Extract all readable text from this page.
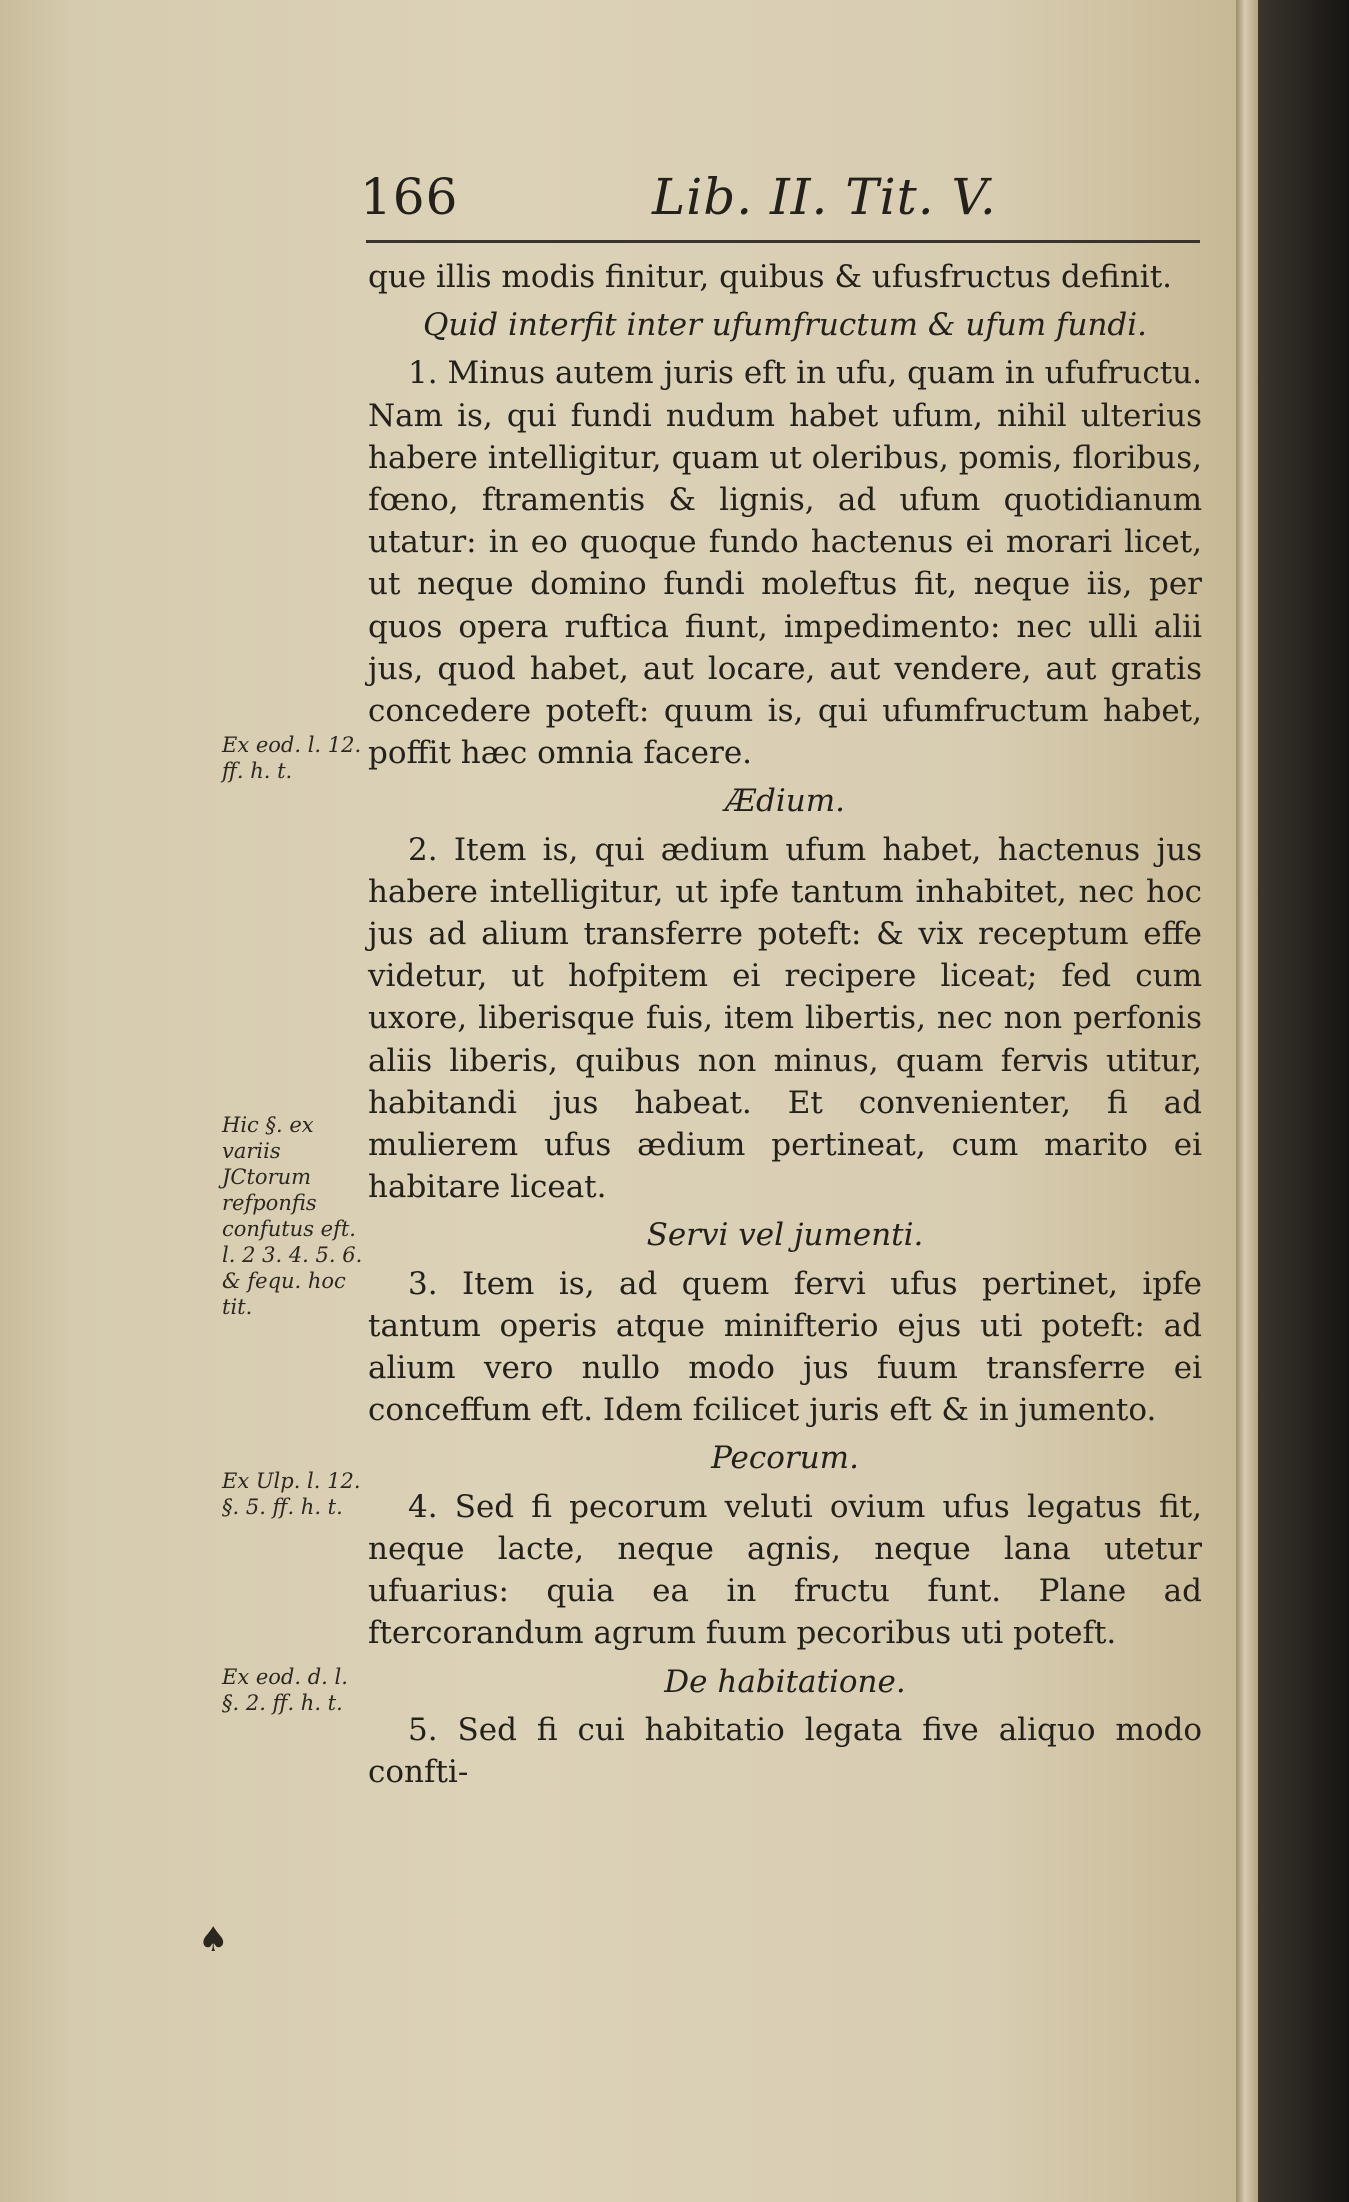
166	Lib. II. Tit. V.

que illis modis finitur, quibus & ufusfructus definit.

Quid interfit inter ufumfructum & ufum fundi.

1. Minus autem juris eft in ufu, quam in ufufructu. Nam is, qui fundi nudum habet ufum, nihil ulterius habere intelligitur, quam ut oleribus, pomis, floribus, fœno, ftramentis & lignis, ad ufum quotidianum utatur: in eo quoque fundo hactenus ei morari licet, ut neque domino fundi moleftus fit, neque iis, per quos opera ruftica fiunt, impedimento: nec ulli alii jus, quod habet, aut locare, aut vendere, aut gratis concedere poteft: quum is, qui ufumfructum habet, poffit hæc omnia facere.

Ædium.

2. Item is, qui ædium ufum habet, hactenus jus habere intelligitur, ut ipfe tantum inhabitet, nec hoc jus ad alium transferre poteft: & vix receptum effe videtur, ut hofpitem ei recipere liceat; fed cum uxore, liberisque fuis, item libertis, nec non perfonis aliis liberis, quibus non minus, quam fervis utitur, habitandi jus habeat. Et convenienter, fi ad mulierem ufus ædium pertineat, cum marito ei habitare liceat.

Servi vel jumenti.

3. Item is, ad quem fervi ufus pertinet, ipfe tantum operis atque minifterio ejus uti poteft: ad alium vero nullo modo jus fuum transferre ei conceffum eft. Idem fcilicet juris eft & in jumento.

Pecorum.

4. Sed fi pecorum veluti ovium ufus legatus fit, neque lacte, neque agnis, neque lana utetur ufuarius: quia ea in fructu funt. Plane ad ftercorandum agrum fuum pecoribus uti poteft.

De habitatione.

5. Sed fi cui habitatio legata five aliquo modo confti-

Ex eod. l. 12. ff. h. t.
Hic §. ex variis JCtorum refponfis confutus eft. l. 2 3. 4. 5. 6. & fequ. hoc tit.
Ex Ulp. l. 12. §. 5. ff. h. t.
Ex eod. d. l. §. 2. ff. h. t.
♠
